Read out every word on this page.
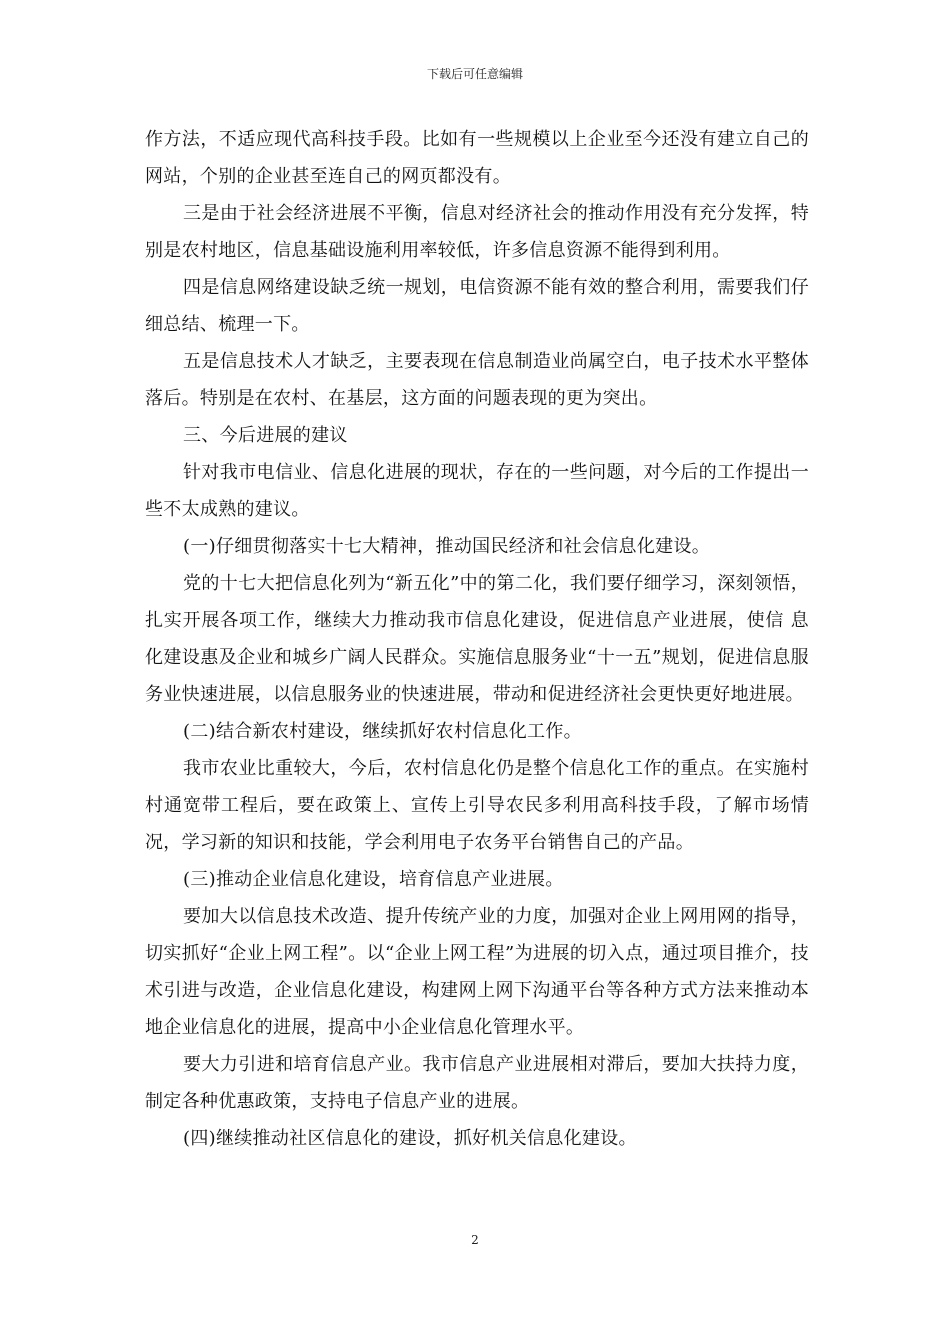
下载后可任意编辑

作方法，不适应现代高科技手段。比如有一些规模以上企业至今还没有建立自己的网站，个别的企业甚至连自己的网页都没有。

三是由于社会经济进展不平衡，信息对经济社会的推动作用没有充分发挥，特别是农村地区，信息基础设施利用率较低，许多信息资源不能得到利用。

四是信息网络建设缺乏统一规划，电信资源不能有效的整合利用，需要我们仔细总结、梳理一下。

五是信息技术人才缺乏，主要表现在信息制造业尚属空白，电子技术水平整体落后。特别是在农村、在基层，这方面的问题表现的更为突出。

三、今后进展的建议

针对我市电信业、信息化进展的现状，存在的一些问题，对今后的工作提出一些不太成熟的建议。

(一)仔细贯彻落实十七大精神，推动国民经济和社会信息化建设。

党的十七大把信息化列为“新五化”中的第二化，我们要仔细学习，深刻领悟，扎实开展各项工作，继续大力推动我市信息化建设，促进信息产业进展，使信 息化建设惠及企业和城乡广阔人民群众。实施信息服务业“十一五”规划，促进信息服务业快速进展，以信息服务业的快速进展，带动和促进经济社会更快更好地进展。

(二)结合新农村建设，继续抓好农村信息化工作。

我市农业比重较大，今后，农村信息化仍是整个信息化工作的重点。在实施村村通宽带工程后，要在政策上、宣传上引导农民多利用高科技手段，了解市场情况，学习新的知识和技能，学会利用电子农务平台销售自己的产品。

(三)推动企业信息化建设，培育信息产业进展。

要加大以信息技术改造、提升传统产业的力度，加强对企业上网用网的指导，切实抓好“企业上网工程”。以“企业上网工程”为进展的切入点，通过项目推介，技术引进与改造，企业信息化建设，构建网上网下沟通平台等各种方式方法来推动本地企业信息化的进展，提高中小企业信息化管理水平。

要大力引进和培育信息产业。我市信息产业进展相对滞后，要加大扶持力度，制定各种优惠政策，支持电子信息产业的进展。

(四)继续推动社区信息化的建设，抓好机关信息化建设。

2
